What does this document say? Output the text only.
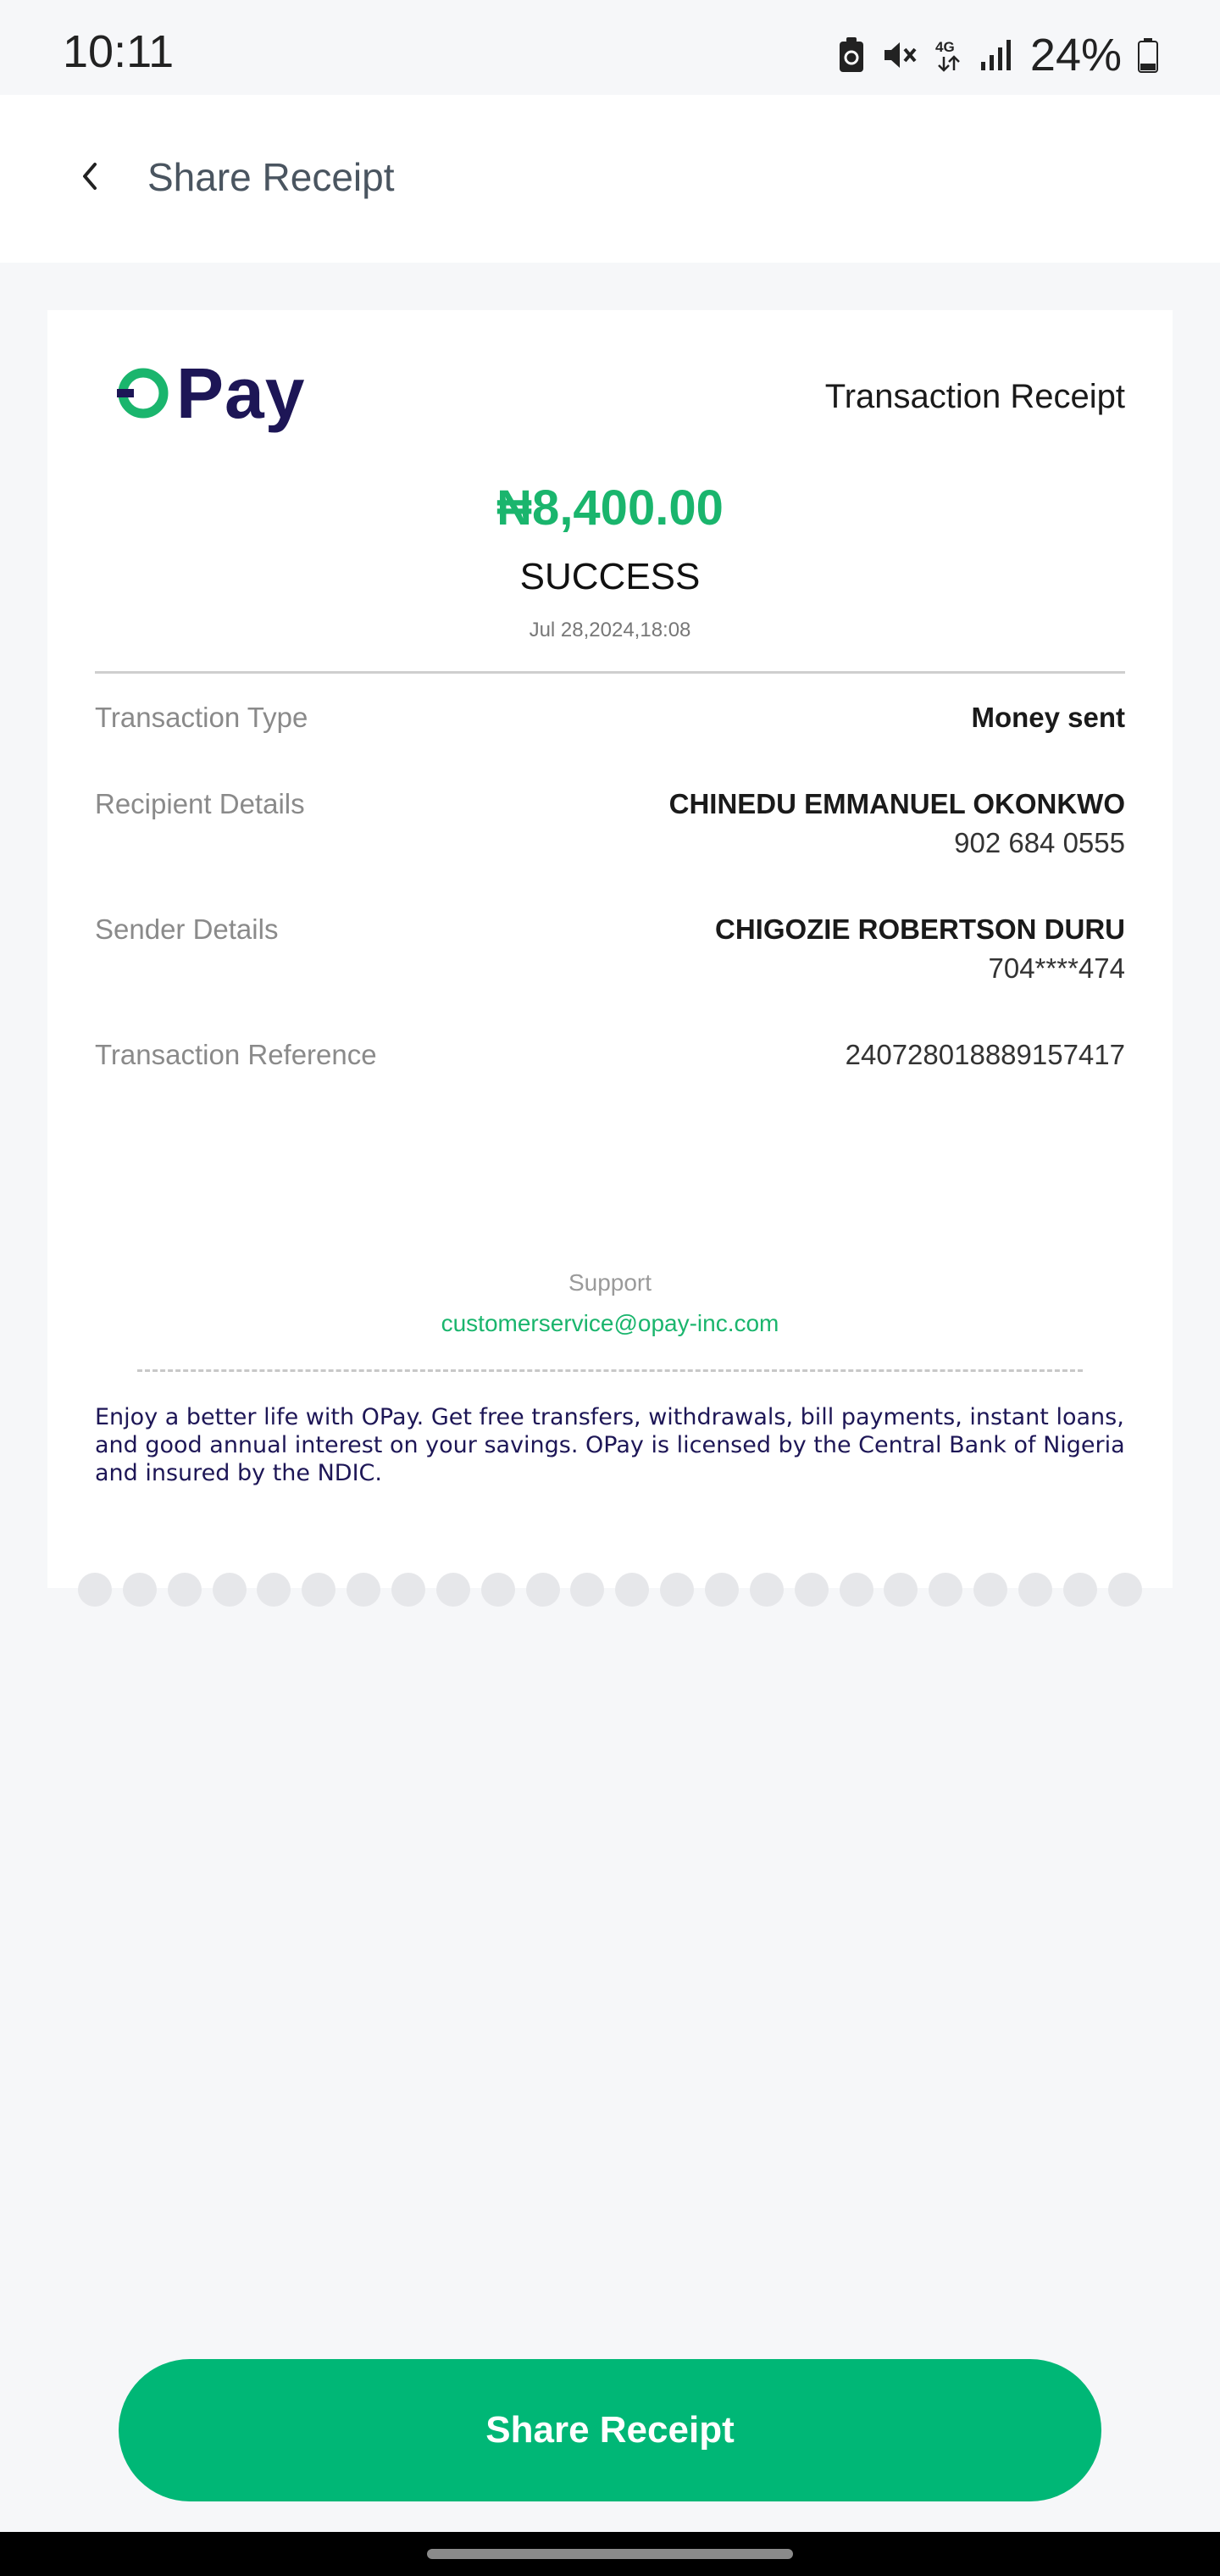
10:11	4G 24%
Share Receipt
Pay	Transaction Receipt
₦8,400.00
SUCCESS
Jul 28,2024,18:08
Transaction Type	Money sent
Recipient Details	CHINEDU EMMANUEL OKONKWO
902 684 0555
Sender Details	CHIGOZIE ROBERTSON DURU
704****474
Transaction Reference	240728018889157417
Support
customerservice@opay-inc.com
Enjoy a better life with OPay. Get free transfers, withdrawals, bill payments, instant loans, and good annual interest on your savings. OPay is licensed by the Central Bank of Nigeria and insured by the NDIC.
Share Receipt
